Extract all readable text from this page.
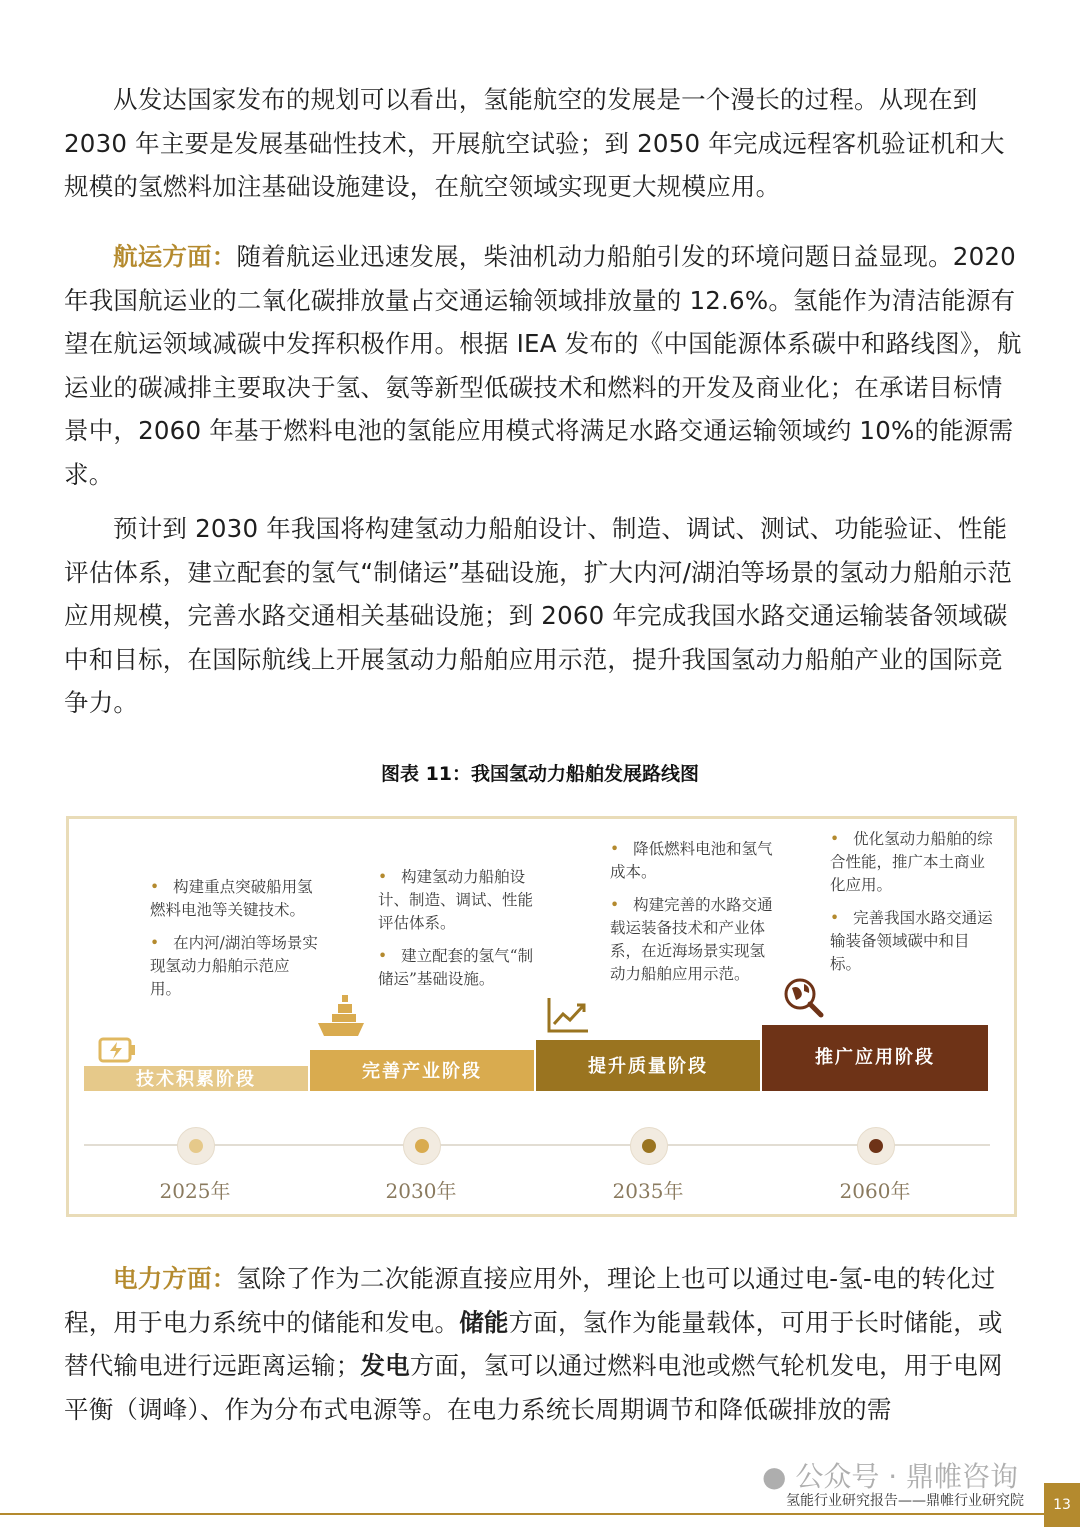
从发达国家发布的规划可以看出，氢能航空的发展是一个漫长的过程。从现在到2030 年主要是发展基础性技术，开展航空试验；到 2050 年完成远程客机验证机和大规模的氢燃料加注基础设施建设，在航空领域实现更大规模应用。

航运方面：随着航运业迅速发展，柴油机动力船舶引发的环境问题日益显现。2020 年我国航运业的二氧化碳排放量占交通运输领域排放量的 12.6%。氢能作为清洁能源有望在航运领域减碳中发挥积极作用。根据 IEA 发布的《中国能源体系碳中和路线图》，航运业的碳减排主要取决于氢、氨等新型低碳技术和燃料的开发及商业化；在承诺目标情景中，2060 年基于燃料电池的氢能应用模式将满足水路交通运输领域约 10%的能源需求。

预计到 2030 年我国将构建氢动力船舶设计、制造、调试、测试、功能验证、性能评估体系，建立配套的氢气“制储运”基础设施，扩大内河/湖泊等场景的氢动力船舶示范应用规模，完善水路交通相关基础设施；到 2060 年完成我国水路交通运输装备领域碳中和目标，在国际航线上开展氢动力船舶应用示范，提升我国氢动力船舶产业的国际竞争力。

图表 11：我国氢动力船舶发展路线图

• 构建重点突破船用氢燃料电池等关键技术。

• 在内河/湖泊等场景实现氢动力船舶示范应用。

• 构建氢动力船舶设计、制造、调试、性能评估体系。

• 建立配套的氢气“制储运”基础设施。

• 降低燃料电池和氢气成本。

• 构建完善的水路交通载运装备技术和产业体系，在近海场景实现氢动力船舶应用示范。

• 优化氢动力船舶的综合性能，推广本土商业化应用。

• 完善我国水路交通运输装备领域碳中和目标。

技术积累阶段	完善产业阶段	提升质量阶段	推广应用阶段
2025年	2030年	2035年	2060年

电力方面：氢除了作为二次能源直接应用外，理论上也可以通过电-氢-电的转化过程，用于电力系统中的储能和发电。储能方面，氢作为能量载体，可用于长时储能，或替代输电进行远距离运输；发电方面，氢可以通过燃料电池或燃气轮机发电，用于电网平衡（调峰）、作为分布式电源等。在电力系统长周期调节和降低碳排放的需

● 公众号 · 鼎帷咨询
氢能行业研究报告——鼎帷行业研究院	13
